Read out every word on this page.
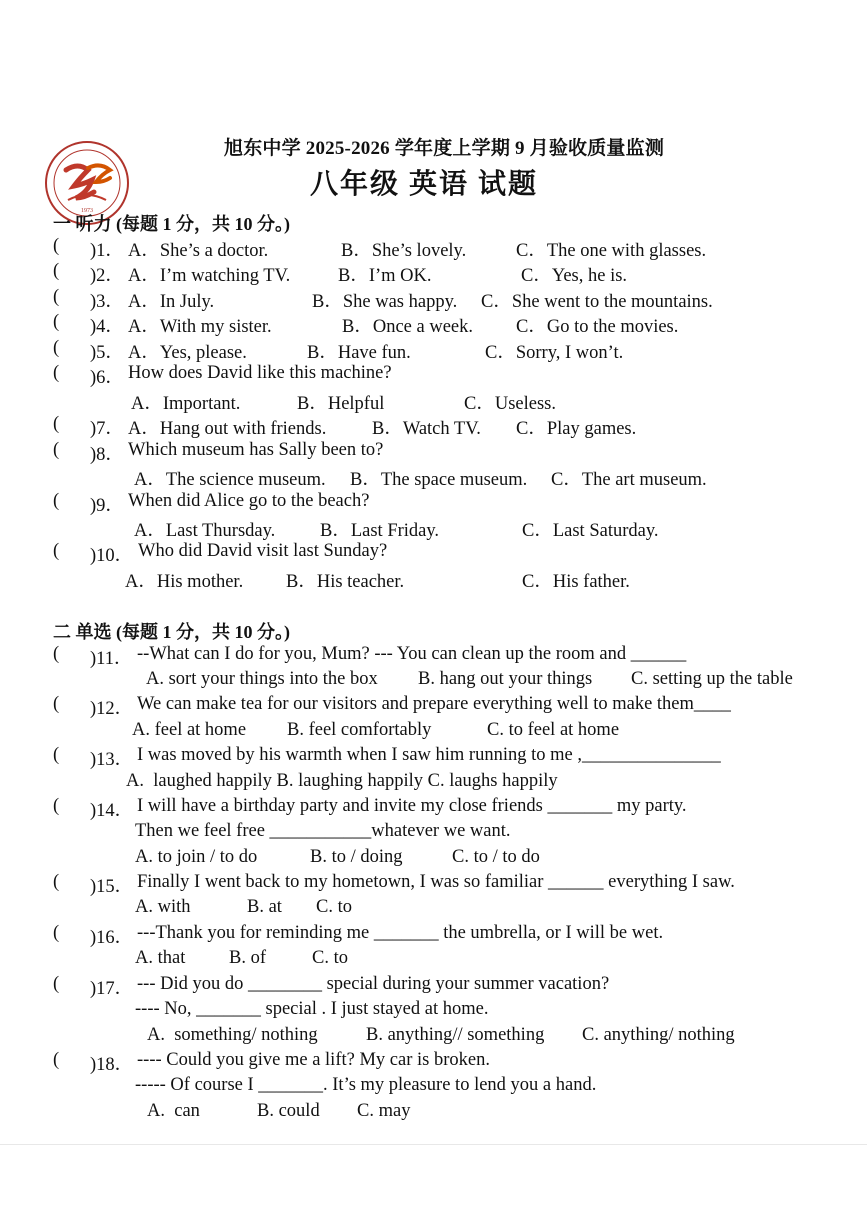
1973
旭东中学 2025-2026 学年度上学期 9 月验收质量监测
八年级 英语 试题
一 听力 (每题 1 分，共 10 分。)
( )1． A．She’s a doctor.	B．She’s lovely.	C．The one with glasses.
( )2． A．I’m watching TV.	B．I’m OK.	C．Yes, he is.
( )3． A．In July.	B．She was happy. C．She went to the mountains.
( )4． A．With my sister.	B．Once a week. C．Go to the movies.
( )5． A．Yes, please.	B．Have fun.	C．Sorry, I won’t.
( )6． How does David like this machine?
A．Important.	B．Helpful	C．Useless.
( )7． A．Hang out with friends. B．Watch TV. C．Play games.
( )8． Which museum has Sally been to?
A．The science museum. B．The space museum. C．The art museum.
( )9． When did Alice go to the beach?
A．Last Thursday. B．Last Friday.	C．Last Saturday.
( )10． Who did David visit last Sunday?
A．His mother. B．His teacher.	C．His father.
二 单选 (每题 1 分，共 10 分。)
( )11． --What can I do for you, Mum? --- You can clean up the room and ______
A. sort your things into the box B. hang out your things C. setting up the table
( )12． We can make tea for our visitors and prepare everything well to make them____
A. feel at home B. feel comfortably	C. to feel at home
( )13． I was moved by his warmth when I saw him running to me ,_______________
A.  laughed happily B. laughing happily C. laughs happily
( )14． I will have a birthday party and invite my close friends _______ my party.
Then we feel free ___________whatever we want.
A. to join / to do	B. to / doing	C. to / to do
( )15． Finally I went back to my hometown, I was so familiar ______ everything I saw.
A. with	B. at C. to
( )16． ---Thank you for reminding me _______ the umbrella, or I will be wet.
A. that B. of C. to
( )17． --- Did you do ________ special during your summer vacation?
---- No, _______ special . I just stayed at home.
A.  something/ nothing	B. anything// something C. anything/ nothing
( )18． ---- Could you give me a lift? My car is broken.
----- Of course I _______. It’s my pleasure to lend you a hand.
A.  can	B. could C. may
